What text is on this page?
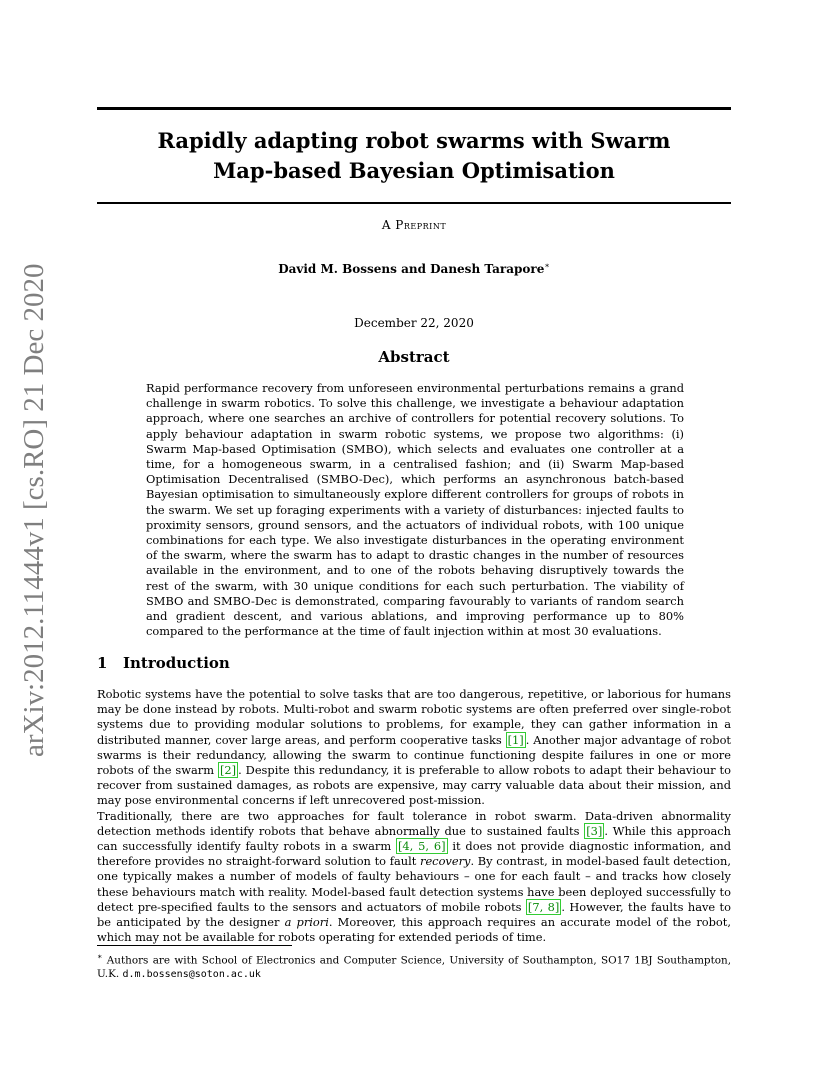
arXiv:2012.11444v1 [cs.RO] 21 Dec 2020
Rapidly adapting robot swarms with Swarm
Map-based Bayesian Optimisation
A Preprint
David M. Bossens and Danesh Tarapore∗
December 22, 2020
Abstract
Rapid performance recovery from unforeseen environmental perturbations remains a grand challenge in swarm robotics. To solve this challenge, we investigate a behaviour adaptation approach, where one searches an archive of controllers for potential recovery solutions. To apply behaviour adaptation in swarm robotic systems, we propose two algorithms: (i) Swarm Map-based Optimisation (SMBO), which selects and evaluates one controller at a time, for a homogeneous swarm, in a centralised fashion; and (ii) Swarm Map-based Optimisation Decentralised (SMBO-Dec), which performs an asynchronous batch-based Bayesian optimisation to simultaneously explore different controllers for groups of robots in the swarm. We set up foraging experiments with a variety of disturbances: injected faults to proximity sensors, ground sensors, and the actuators of individual robots, with 100 unique combinations for each type. We also investigate disturbances in the operating environment of the swarm, where the swarm has to adapt to drastic changes in the number of resources available in the environment, and to one of the robots behaving disruptively towards the rest of the swarm, with 30 unique conditions for each such perturbation. The viability of SMBO and SMBO-Dec is demonstrated, comparing favourably to variants of random search and gradient descent, and various ablations, and improving performance up to 80% compared to the performance at the time of fault injection within at most 30 evaluations.
1 Introduction

Robotic systems have the potential to solve tasks that are too dangerous, repetitive, or laborious for humans may be done instead by robots. Multi-robot and swarm robotic systems are often preferred over single-robot systems due to providing modular solutions to problems, for example, they can gather information in a distributed manner, cover large areas, and perform cooperative tasks [1] . Another major advantage of robot swarms is their redundancy, allowing the swarm to continue functioning despite failures in one or more robots of the swarm [2] . Despite this redundancy, it is preferable to allow robots to adapt their behaviour to recover from sustained damages, as robots are expensive, may carry valuable data about their mission, and may pose environmental concerns if left unrecovered post-mission.

Traditionally, there are two approaches for fault tolerance in robot swarm. Data-driven abnormality detection methods identify robots that behave abnormally due to sustained faults [3] . While this approach can successfully identify faulty robots in a swarm [4, 5, 6] it does not provide diagnostic information, and therefore provides no straight-forward solution to fault recovery. By contrast, in model-based fault detection, one typically makes a number of models of faulty behaviours – one for each fault – and tracks how closely these behaviours match with reality. Model-based fault detection systems have been deployed successfully to detect pre-specified faults to the sensors and actuators of mobile robots [7, 8] . However, the faults have to be anticipated by the designer a priori. Moreover, this approach requires an accurate model of the robot, which may not be available for robots operating for extended periods of time.

∗ Authors are with School of Electronics and Computer Science, University of Southampton, SO17 1BJ Southampton, U.K. d.m.bossens@soton.ac.uk
